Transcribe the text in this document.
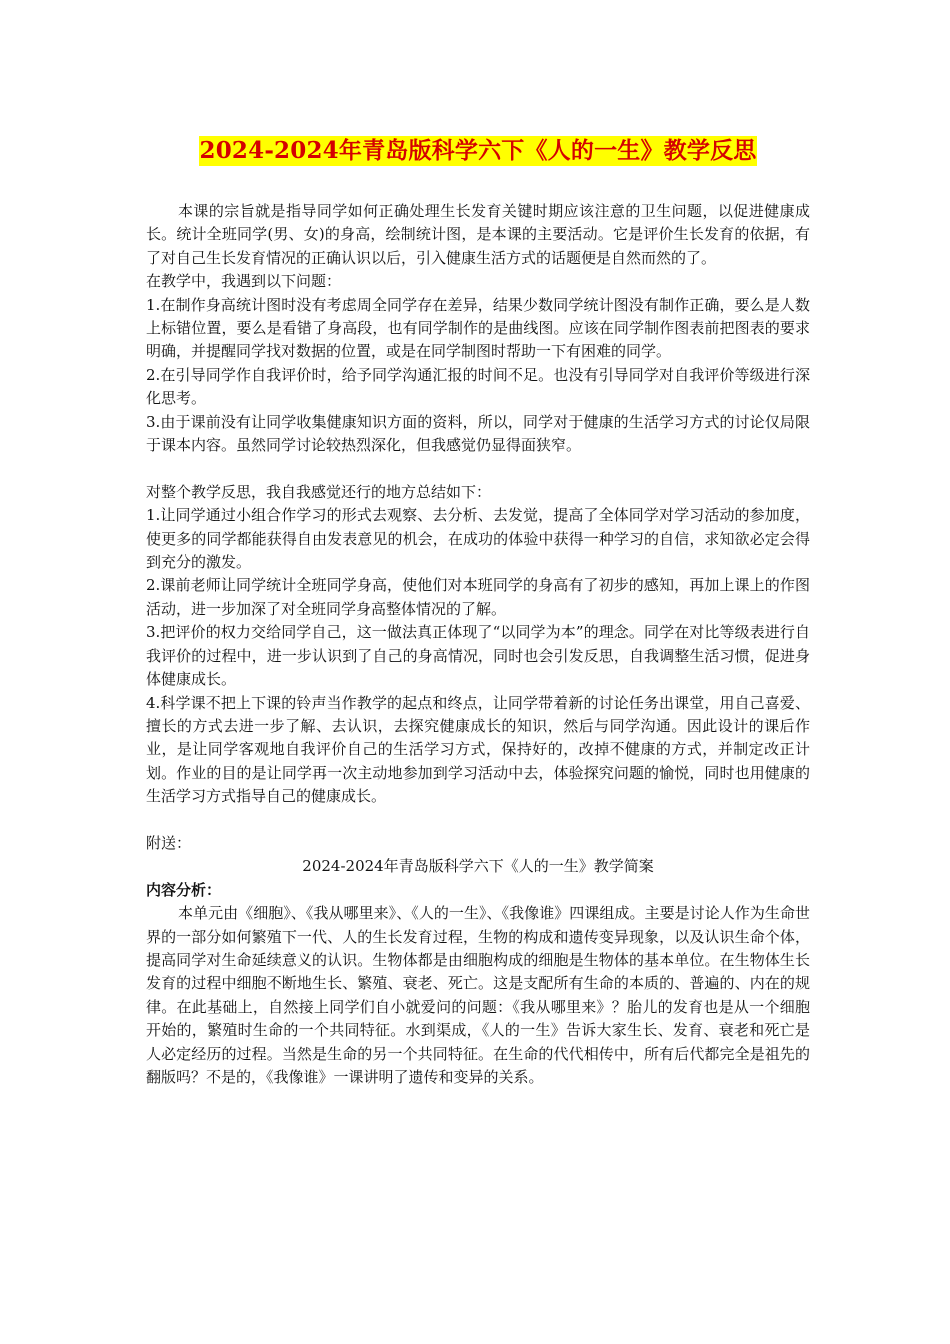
2024-2024年青岛版科学六下《人的一生》教学反思

本课的宗旨就是指导同学如何正确处理生长发育关键时期应该注意的卫生问题，以促进健康成长。统计全班同学(男、女)的身高，绘制统计图，是本课的主要活动。它是评价生长发育的依据，有了对自己生长发育情况的正确认识以后，引入健康生活方式的话题便是自然而然的了。

在教学中，我遇到以下问题：

1.在制作身高统计图时没有考虑周全同学存在差异，结果少数同学统计图没有制作正确，要么是人数上标错位置，要么是看错了身高段，也有同学制作的是曲线图。应该在同学制作图表前把图表的要求明确，并提醒同学找对数据的位置，或是在同学制图时帮助一下有困难的同学。

2.在引导同学作自我评价时，给予同学沟通汇报的时间不足。也没有引导同学对自我评价等级进行深化思考。

3.由于课前没有让同学收集健康知识方面的资料，所以，同学对于健康的生活学习方式的讨论仅局限于课本内容。虽然同学讨论较热烈深化，但我感觉仍显得面狭窄。

对整个教学反思，我自我感觉还行的地方总结如下：

1.让同学通过小组合作学习的形式去观察、去分析、去发觉，提高了全体同学对学习活动的参加度，使更多的同学都能获得自由发表意见的机会，在成功的体验中获得一种学习的自信，求知欲必定会得到充分的激发。

2.课前老师让同学统计全班同学身高，使他们对本班同学的身高有了初步的感知，再加上课上的作图活动，进一步加深了对全班同学身高整体情况的了解。

3.把评价的权力交给同学自己，这一做法真正体现了“以同学为本”的理念。同学在对比等级表进行自我评价的过程中，进一步认识到了自己的身高情况，同时也会引发反思，自我调整生活习惯，促进身体健康成长。

4.科学课不把上下课的铃声当作教学的起点和终点，让同学带着新的讨论任务出课堂，用自己喜爱、擅长的方式去进一步了解、去认识，去探究健康成长的知识，然后与同学沟通。因此设计的课后作业，是让同学客观地自我评价自己的生活学习方式，保持好的，改掉不健康的方式，并制定改正计划。作业的目的是让同学再一次主动地参加到学习活动中去，体验探究问题的愉悦，同时也用健康的生活学习方式指导自己的健康成长。

附送：

2024-2024年青岛版科学六下《人的一生》教学简案

内容分析：

本单元由《细胞》、《我从哪里来》、《人的一生》、《我像谁》四课组成。主要是讨论人作为生命世界的一部分如何繁殖下一代、人的生长发育过程，生物的构成和遗传变异现象，以及认识生命个体，提高同学对生命延续意义的认识。生物体都是由细胞构成的细胞是生物体的基本单位。在生物体生长发育的过程中细胞不断地生长、繁殖、衰老、死亡。这是支配所有生命的本质的、普遍的、内在的规律。在此基础上，自然接上同学们自小就爱问的问题：《我从哪里来》？胎儿的发育也是从一个细胞开始的，繁殖时生命的一个共同特征。水到渠成，《人的一生》告诉大家生长、发育、衰老和死亡是人必定经历的过程。当然是生命的另一个共同特征。在生命的代代相传中，所有后代都完全是祖先的翻版吗？不是的，《我像谁》一课讲明了遗传和变异的关系。
